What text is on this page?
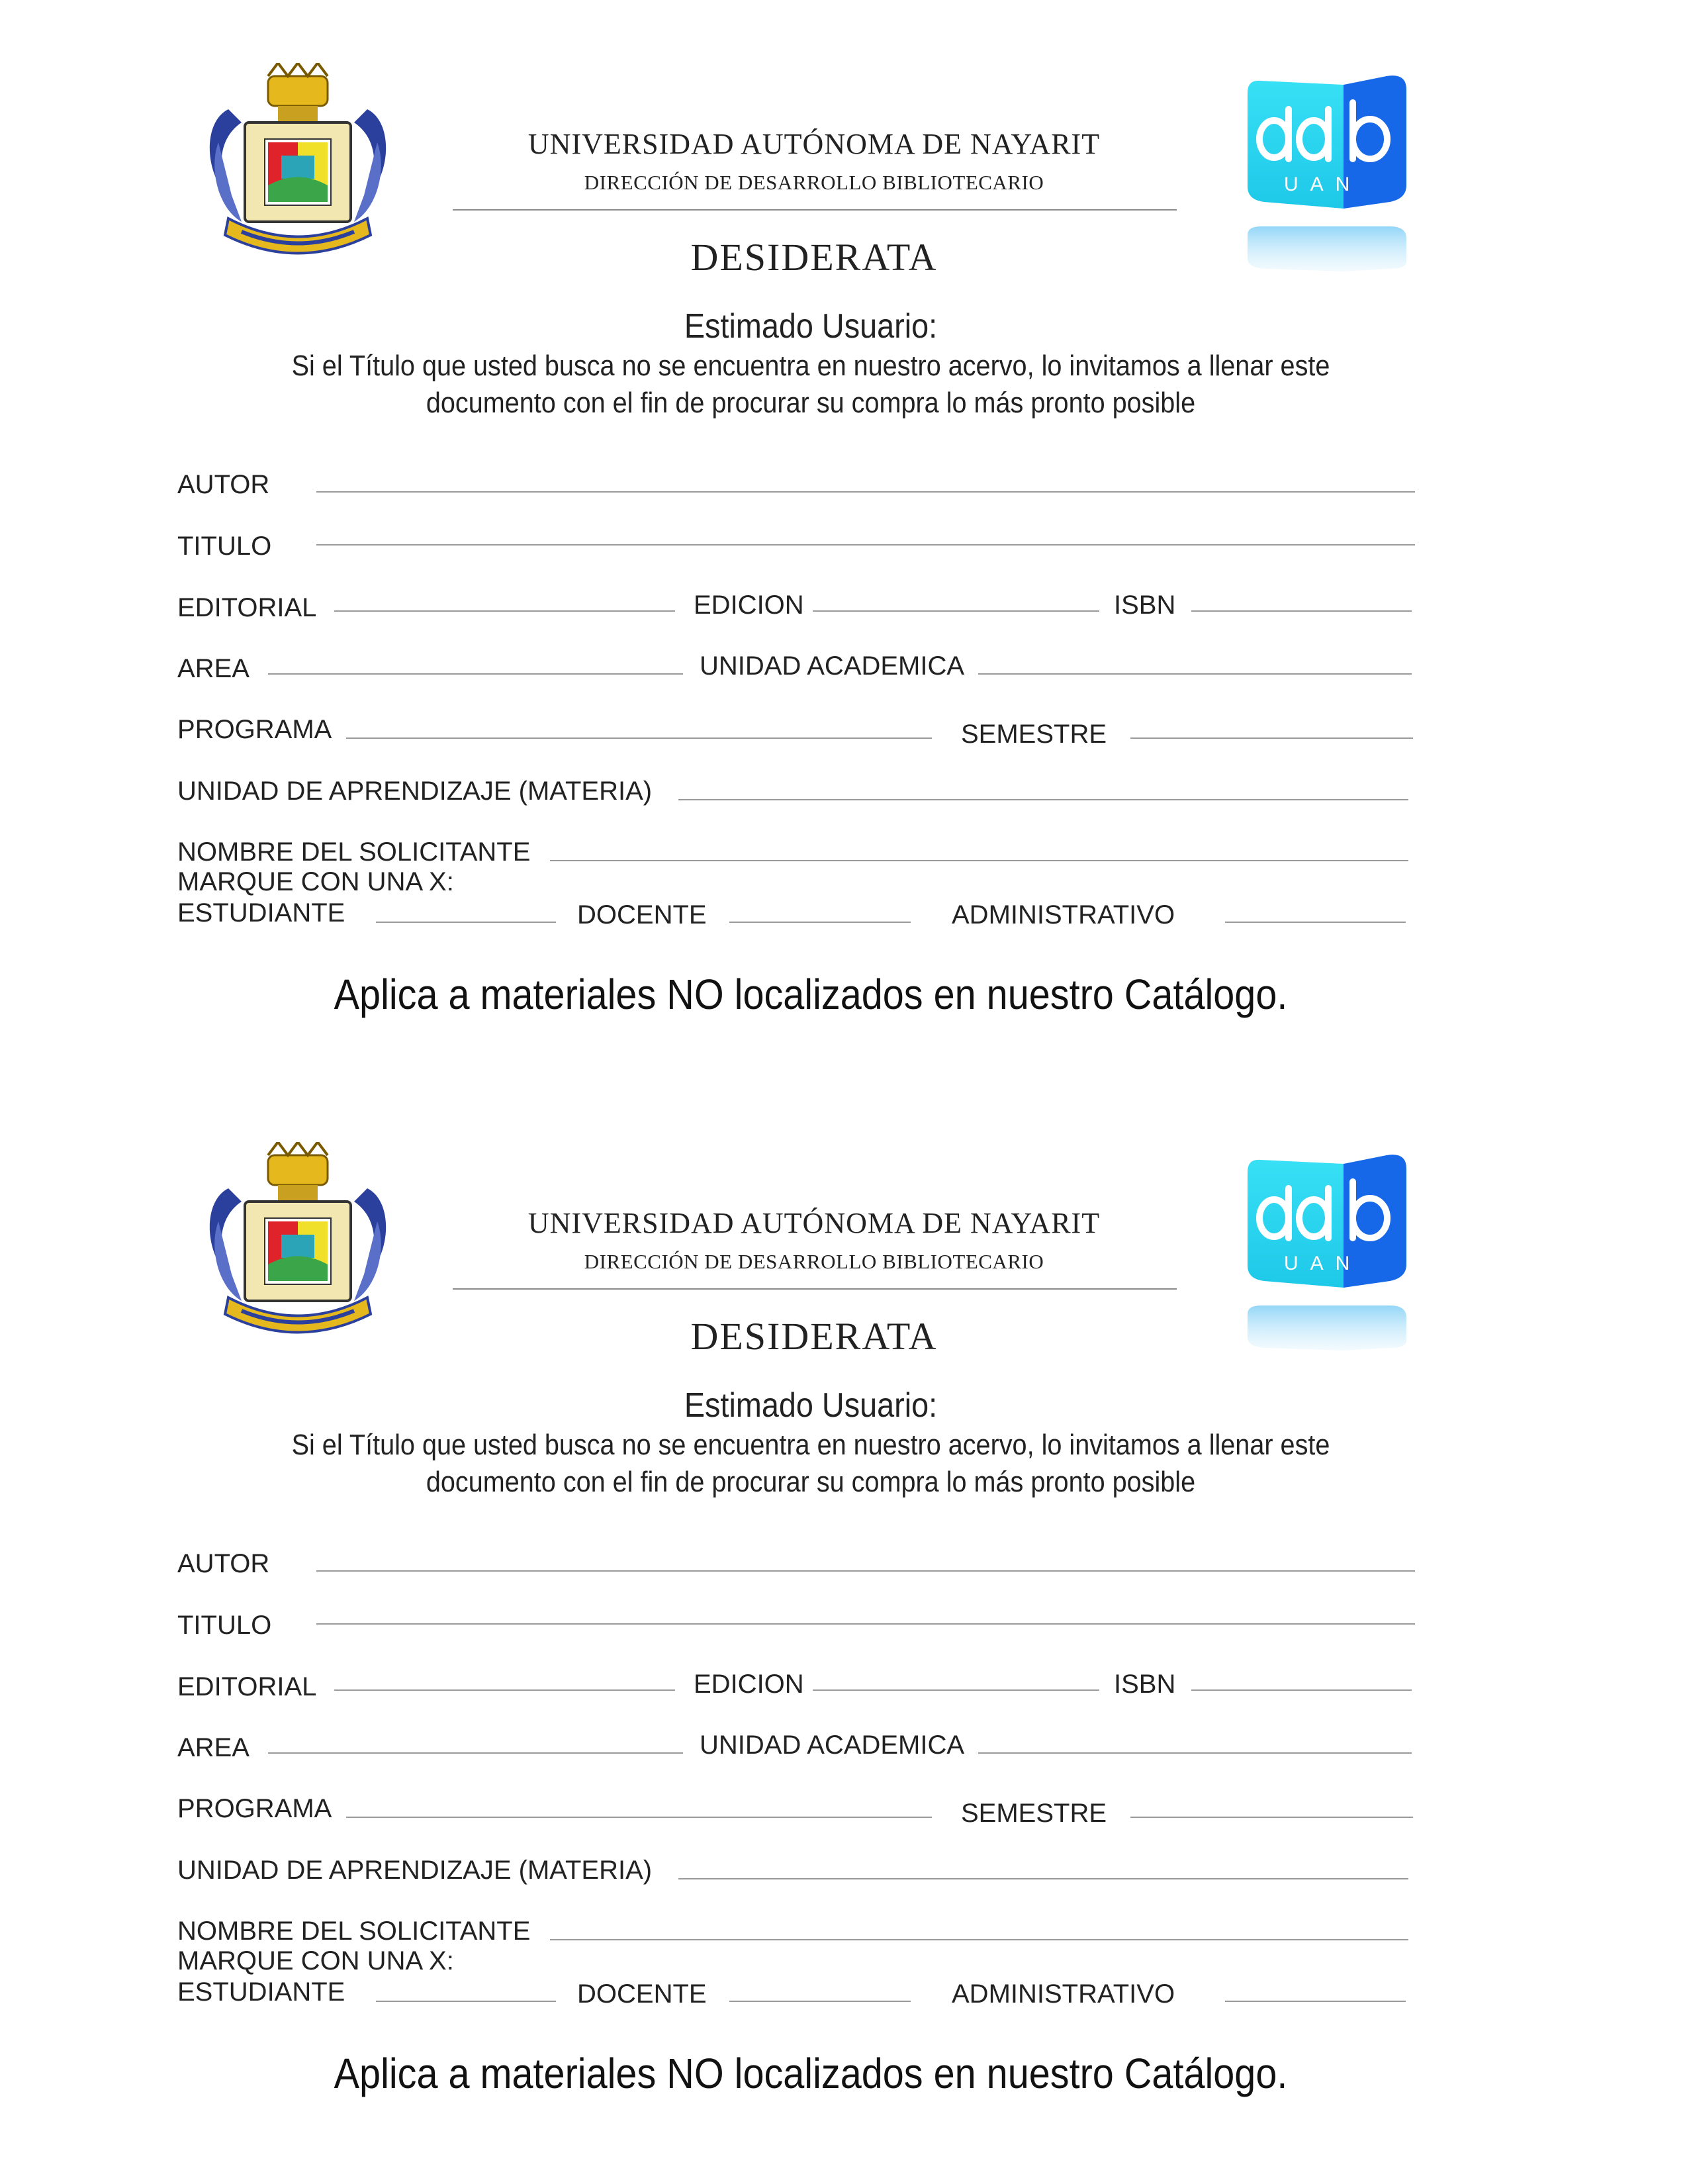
UAN
UNIVERSIDAD AUTÓNOMA DE NAYARIT
DIRECCIÓN DE DESARROLLO BIBLIOTECARIO
DESIDERATA
Estimado Usuario:
Si el Título que usted busca no se encuentra en nuestro acervo, lo invitamos a llenar este
documento con el fin de procurar su compra lo más pronto posible
AUTOR
TITULO
EDITORIAL	EDICION	ISBN
AREA	UNIDAD ACADEMICA
PROGRAMA	SEMESTRE
UNIDAD DE APRENDIZAJE (MATERIA)
NOMBRE DEL SOLICITANTE
MARQUE CON UNA X:
ESTUDIANTE	DOCENTE	ADMINISTRATIVO
Aplica a materiales NO localizados en nuestro Catálogo.
UAN
UNIVERSIDAD AUTÓNOMA DE NAYARIT
DIRECCIÓN DE DESARROLLO BIBLIOTECARIO
DESIDERATA
Estimado Usuario:
Si el Título que usted busca no se encuentra en nuestro acervo, lo invitamos a llenar este
documento con el fin de procurar su compra lo más pronto posible
AUTOR
TITULO
EDITORIAL	EDICION	ISBN
AREA	UNIDAD ACADEMICA
PROGRAMA	SEMESTRE
UNIDAD DE APRENDIZAJE (MATERIA)
NOMBRE DEL SOLICITANTE
MARQUE CON UNA X:
ESTUDIANTE	DOCENTE	ADMINISTRATIVO
Aplica a materiales NO localizados en nuestro Catálogo.
